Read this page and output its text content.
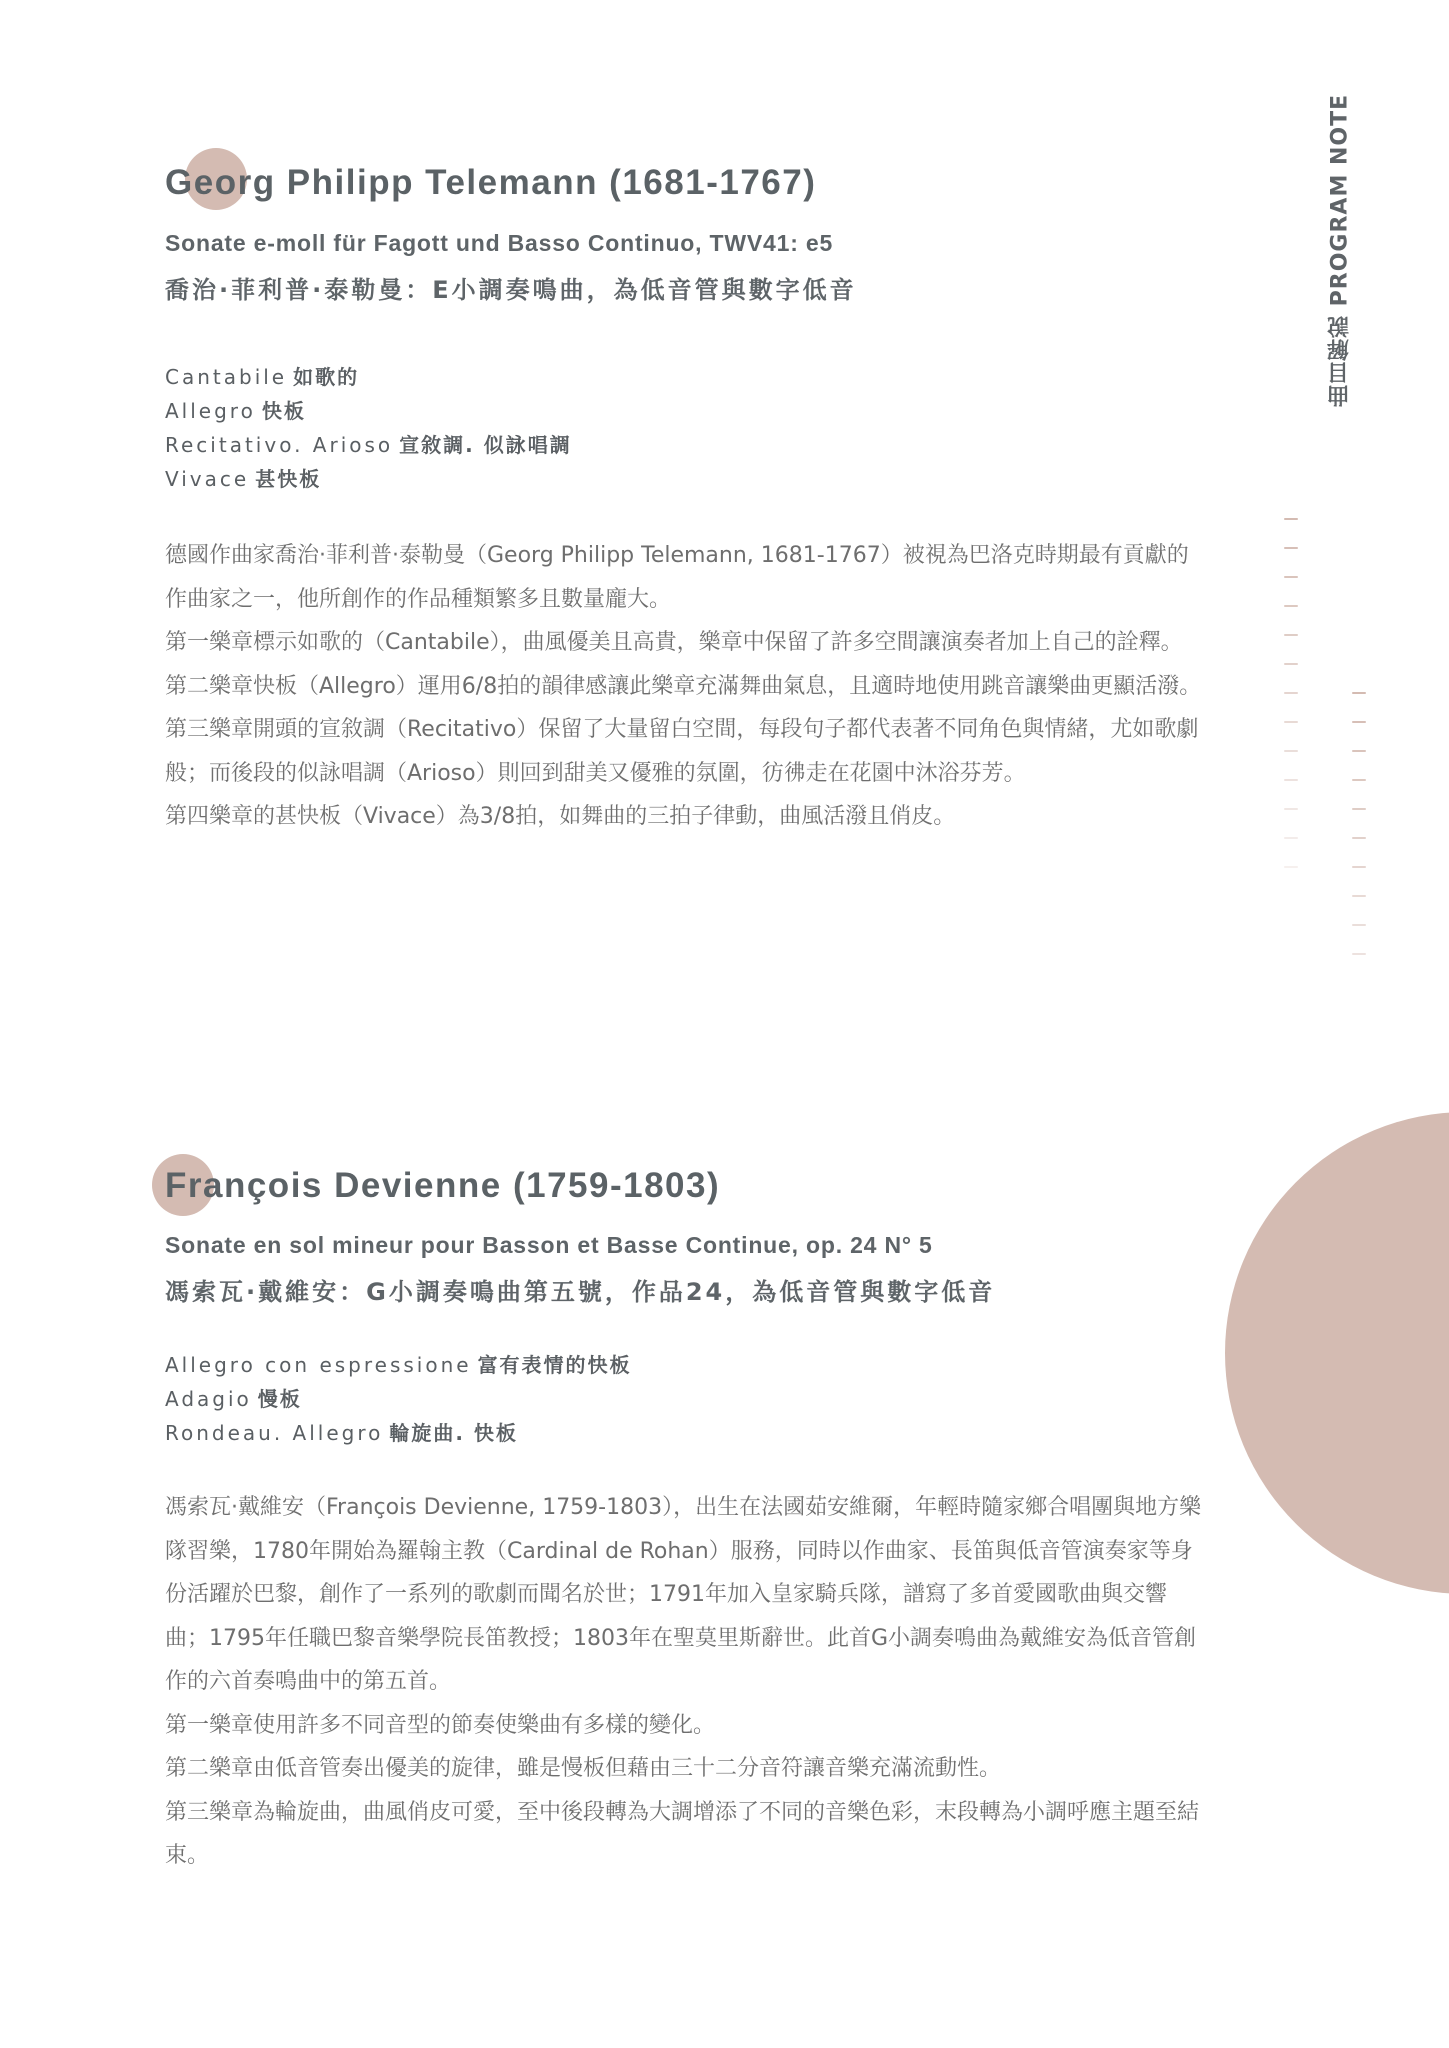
曲目解說 PROGRAM NOTE
Georg Philipp Telemann (1681-1767)
Sonate e-moll für Fagott und Basso Continuo, TWV41: e5
喬治·菲利普·泰勒曼：E小調奏鳴曲，為低音管與數字低音
Cantabile 如歌的
Allegro 快板
Recitativo. Arioso 宣敘調. 似詠唱調
Vivace 甚快板

德國作曲家喬治·菲利普·泰勒曼（Georg Philipp Telemann, 1681-1767）被視為巴洛克時期最有貢獻的作曲家之一，他所創作的作品種類繁多且數量龐大。

第一樂章標示如歌的（Cantabile），曲風優美且高貴，樂章中保留了許多空間讓演奏者加上自己的詮釋。

第二樂章快板（Allegro）運用6/8拍的韻律感讓此樂章充滿舞曲氣息，且適時地使用跳音讓樂曲更顯活潑。

第三樂章開頭的宣敘調（Recitativo）保留了大量留白空間，每段句子都代表著不同角色與情緒，尤如歌劇般；而後段的似詠唱調（Arioso）則回到甜美又優雅的氛圍，彷彿走在花園中沐浴芬芳。

第四樂章的甚快板（Vivace）為3/8拍，如舞曲的三拍子律動，曲風活潑且俏皮。

François Devienne (1759-1803)
Sonate en sol mineur pour Basson et Basse Continue, op. 24 N° 5
馮索瓦·戴維安：G小調奏鳴曲第五號，作品24，為低音管與數字低音
Allegro con espressione 富有表情的快板
Adagio 慢板
Rondeau. Allegro 輪旋曲. 快板

馮索瓦·戴維安（François Devienne, 1759-1803），出生在法國茹安維爾，年輕時隨家鄉合唱團與地方樂隊習樂，1780年開始為羅翰主教（Cardinal de Rohan）服務，同時以作曲家、長笛與低音管演奏家等身份活躍於巴黎，創作了一系列的歌劇而聞名於世；1791年加入皇家騎兵隊，譜寫了多首愛國歌曲與交響曲；1795年任職巴黎音樂學院長笛教授；1803年在聖莫里斯辭世。此首G小調奏鳴曲為戴維安為低音管創作的六首奏鳴曲中的第五首。

第一樂章使用許多不同音型的節奏使樂曲有多樣的變化。

第二樂章由低音管奏出優美的旋律，雖是慢板但藉由三十二分音符讓音樂充滿流動性。

第三樂章為輪旋曲，曲風俏皮可愛，至中後段轉為大調增添了不同的音樂色彩，末段轉為小調呼應主題至結束。
